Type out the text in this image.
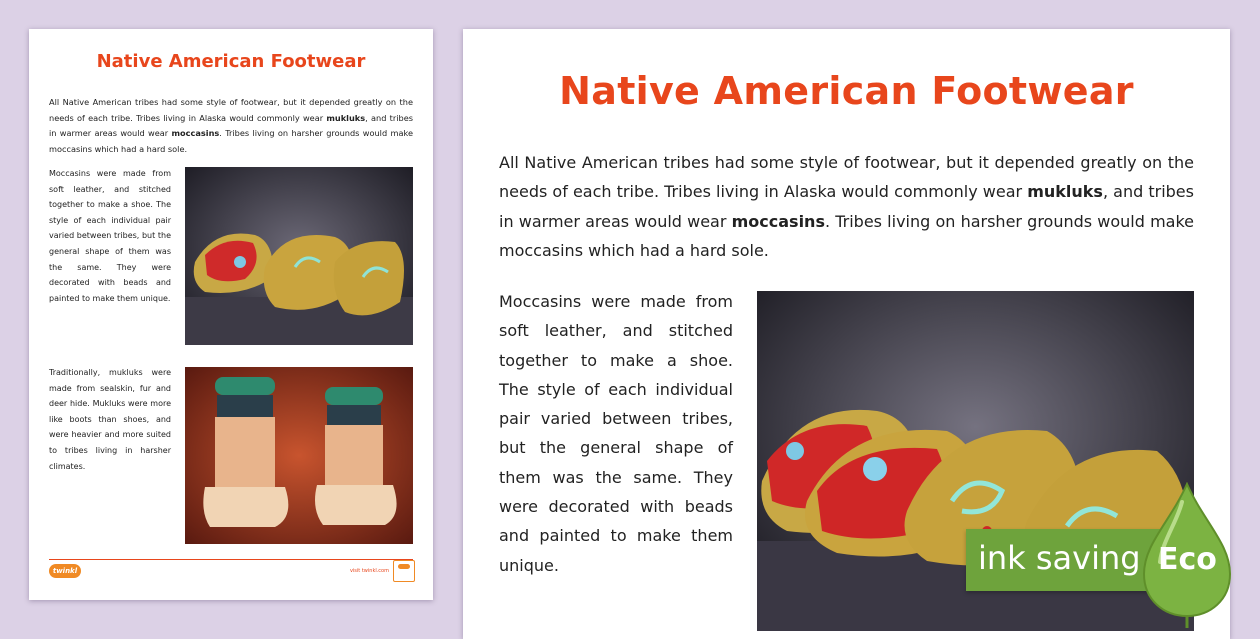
Native American Footwear
All Native American tribes had some style of footwear, but it depended greatly on the needs of each tribe. Tribes living in Alaska would commonly wear mukluks, and tribes in warmer areas would wear moccasins. Tribes living on harsher grounds would make moccasins which had a hard sole.
Moccasins were made from soft leather, and stitched together to make a shoe. The style of each individual pair varied between tribes, but the general shape of them was the same. They were decorated with beads and painted to make them unique.
Traditionally, mukluks were made from sealskin, fur and deer hide. Mukluks were more like boots than shoes, and were heavier and more suited to tribes living in harsher climates.
twinkl	visit twinkl.com
Native American Footwear
All Native American tribes had some style of footwear, but it depended greatly on the needs of each tribe. Tribes living in Alaska would commonly wear mukluks, and tribes in warmer areas would wear moccasins. Tribes living on harsher grounds would make moccasins which had a hard sole.
Moccasins were made from soft leather, and stitched together to make a shoe. The style of each individual pair varied between tribes, but the general shape of them was the same. They were decorated with beads and painted to make them unique.	ink saving Eco
